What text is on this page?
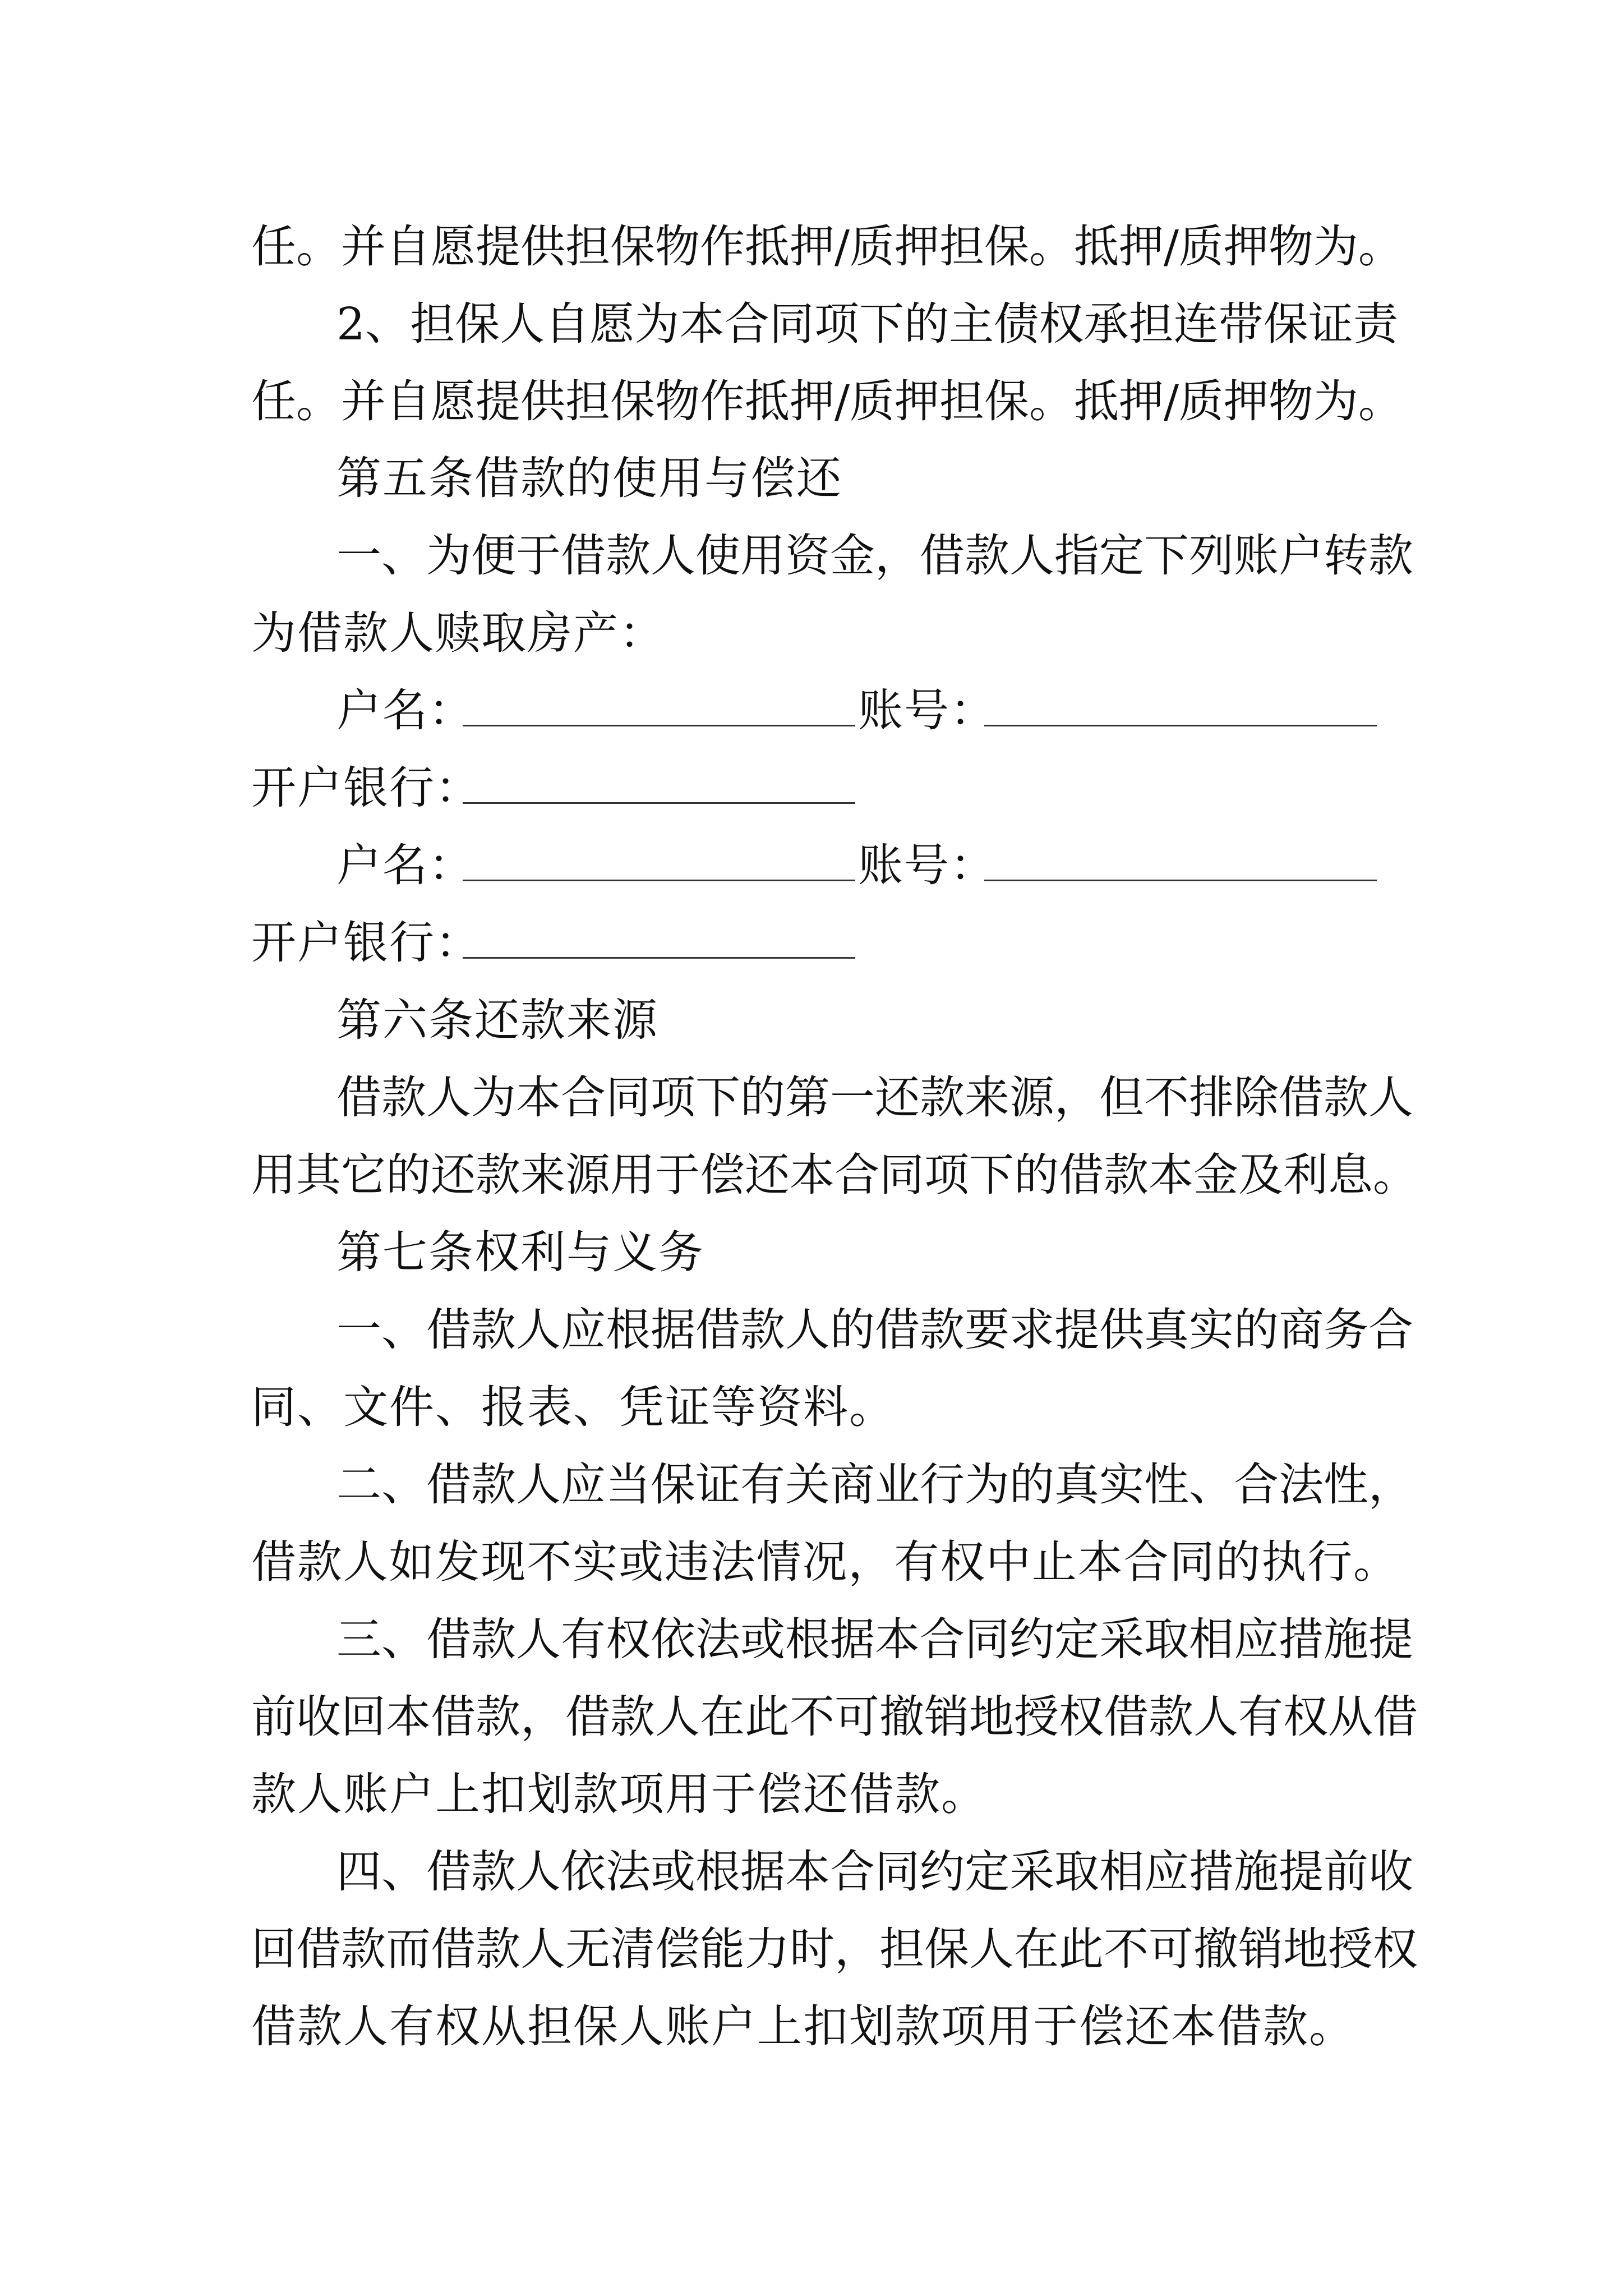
任。并自愿提供担保物作抵押/质押担保。抵押/质押物为。
2、担保人自愿为本合同项下的主债权承担连带保证责
任。并自愿提供担保物作抵押/质押担保。抵押/质押物为。
第五条借款的使用与偿还
一、为便于借款人使用资金，借款人指定下列账户转款
为借款人赎取房产：
户名：	账号：
开户银行：
户名：	账号：
开户银行：
第六条还款来源
借款人为本合同项下的第一还款来源，但不排除借款人
用其它的还款来源用于偿还本合同项下的借款本金及利息。
第七条权利与义务
一、借款人应根据借款人的借款要求提供真实的商务合
同、文件、报表、凭证等资料。
二、借款人应当保证有关商业行为的真实性、合法性，
借款人如发现不实或违法情况，有权中止本合同的执行。
三、借款人有权依法或根据本合同约定采取相应措施提
前收回本借款，借款人在此不可撤销地授权借款人有权从借
款人账户上扣划款项用于偿还借款。
四、借款人依法或根据本合同约定采取相应措施提前收
回借款而借款人无清偿能力时，担保人在此不可撤销地授权
借款人有权从担保人账户上扣划款项用于偿还本借款。
